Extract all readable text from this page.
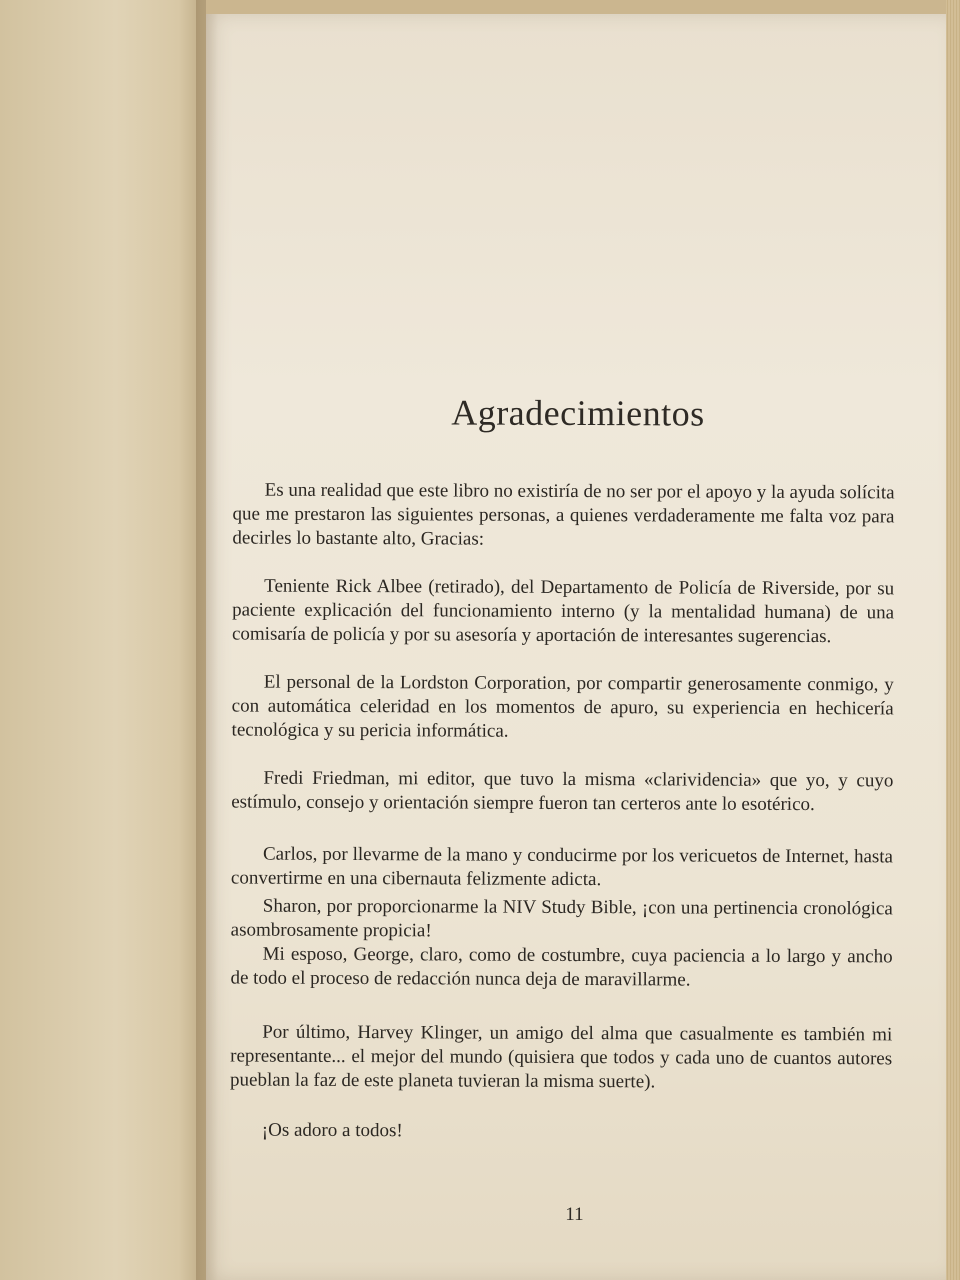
Agradecimientos

Es una realidad que este libro no existiría de no ser por el apoyo y la ayuda solícita que me prestaron las siguientes personas, a quienes verdaderamente me falta voz para decirles lo bastante alto, Gracias:

Teniente Rick Albee (retirado), del Departamento de Policía de Riverside, por su paciente explicación del funcionamiento interno (y la mentalidad humana) de una comisaría de policía y por su asesoría y aportación de interesantes sugerencias.

El personal de la Lordston Corporation, por compartir generosamente conmigo, y con automática celeridad en los momentos de apuro, su experiencia en hechicería tecnológica y su pericia informática.

Fredi Friedman, mi editor, que tuvo la misma «clarividencia» que yo, y cuyo estímulo, consejo y orientación siempre fueron tan certeros ante lo esotérico.

Carlos, por llevarme de la mano y conducirme por los vericuetos de Internet, hasta convertirme en una cibernauta felizmente adicta.

Sharon, por proporcionarme la NIV Study Bible, ¡con una pertinencia cronológica asombrosamente propicia!

Mi esposo, George, claro, como de costumbre, cuya paciencia a lo largo y ancho de todo el proceso de redacción nunca deja de maravillarme.

Por último, Harvey Klinger, un amigo del alma que casualmente es también mi representante... el mejor del mundo (quisiera que todos y cada uno de cuantos autores pueblan la faz de este planeta tuvieran la misma suerte).

¡Os adoro a todos!

11
